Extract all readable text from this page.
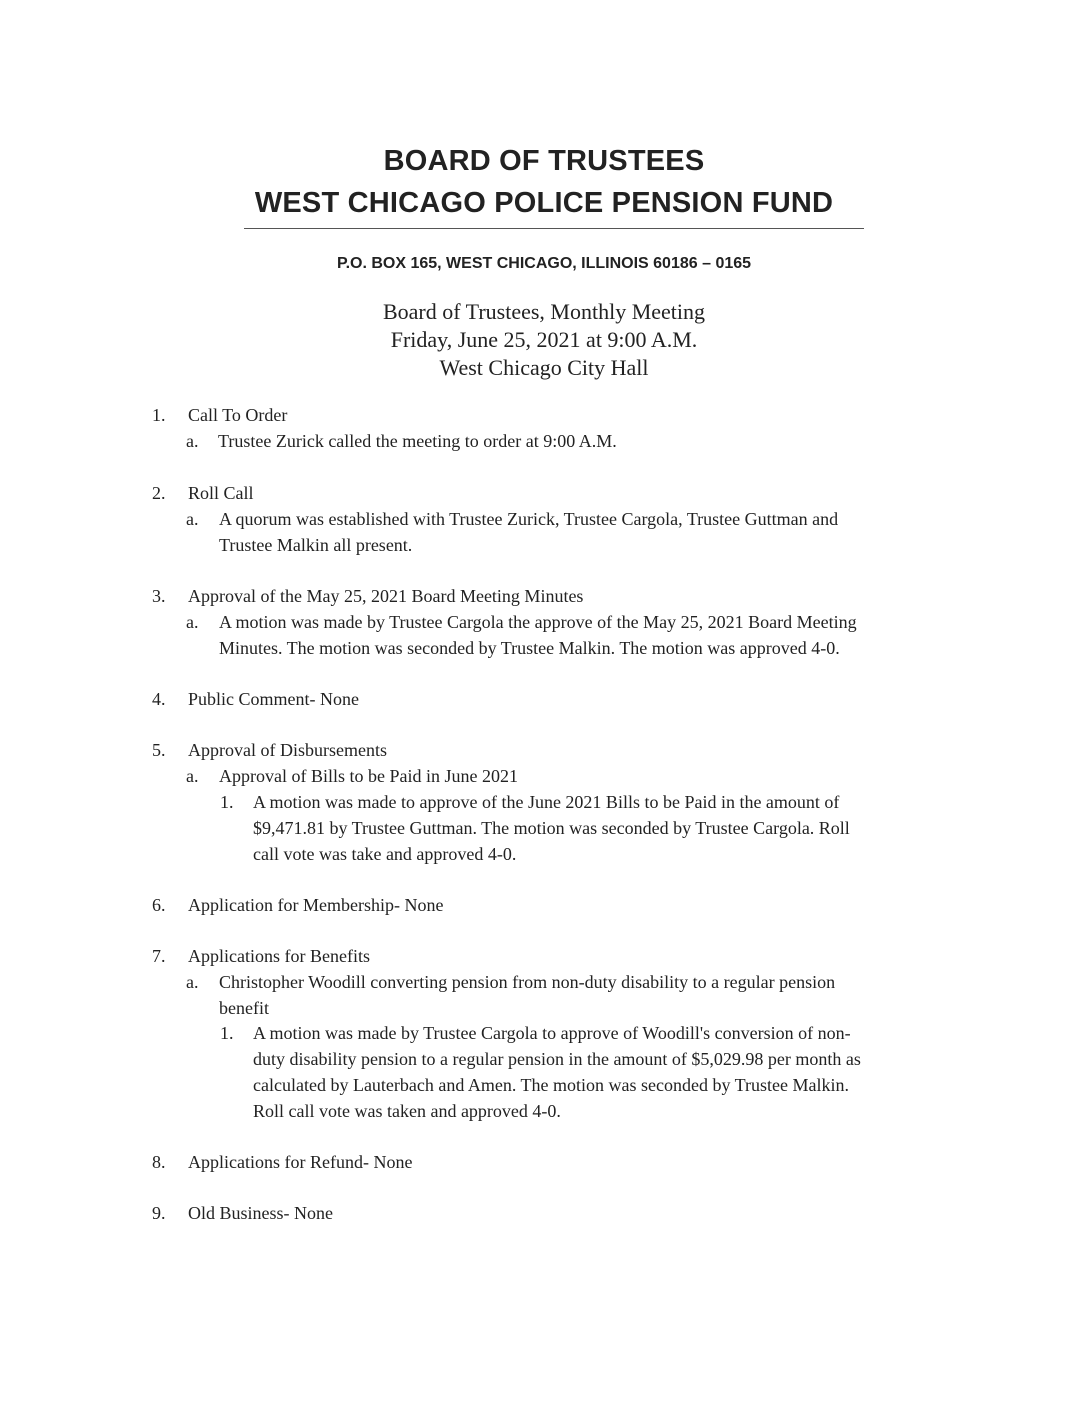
BOARD OF TRUSTEES
WEST CHICAGO POLICE PENSION FUND
P.O. BOX 165, WEST CHICAGO, ILLINOIS 60186 – 0165
Board of Trustees, Monthly Meeting
Friday, June 25, 2021 at 9:00 A.M.
West Chicago City Hall
1. Call To Order
a. Trustee Zurick called the meeting to order at 9:00 A.M.
2. Roll Call
a. A quorum was established with Trustee Zurick, Trustee Cargola, Trustee Guttman and
Trustee Malkin all present.
3. Approval of the May 25, 2021 Board Meeting Minutes
a. A motion was made by Trustee Cargola the approve of the May 25, 2021 Board Meeting
Minutes. The motion was seconded by Trustee Malkin. The motion was approved 4-0.
4. Public Comment- None
5. Approval of Disbursements
a. Approval of Bills to be Paid in June 2021
1. A motion was made to approve of the June 2021 Bills to be Paid in the amount of
$9,471.81 by Trustee Guttman. The motion was seconded by Trustee Cargola. Roll
call vote was take and approved 4-0.
6. Application for Membership- None
7. Applications for Benefits
a. Christopher Woodill converting pension from non-duty disability to a regular pension
benefit
1. A motion was made by Trustee Cargola to approve of Woodill's conversion of non-
duty disability pension to a regular pension in the amount of $5,029.98 per month as
calculated by Lauterbach and Amen. The motion was seconded by Trustee Malkin.
Roll call vote was taken and approved 4-0.
8. Applications for Refund- None
9. Old Business- None
